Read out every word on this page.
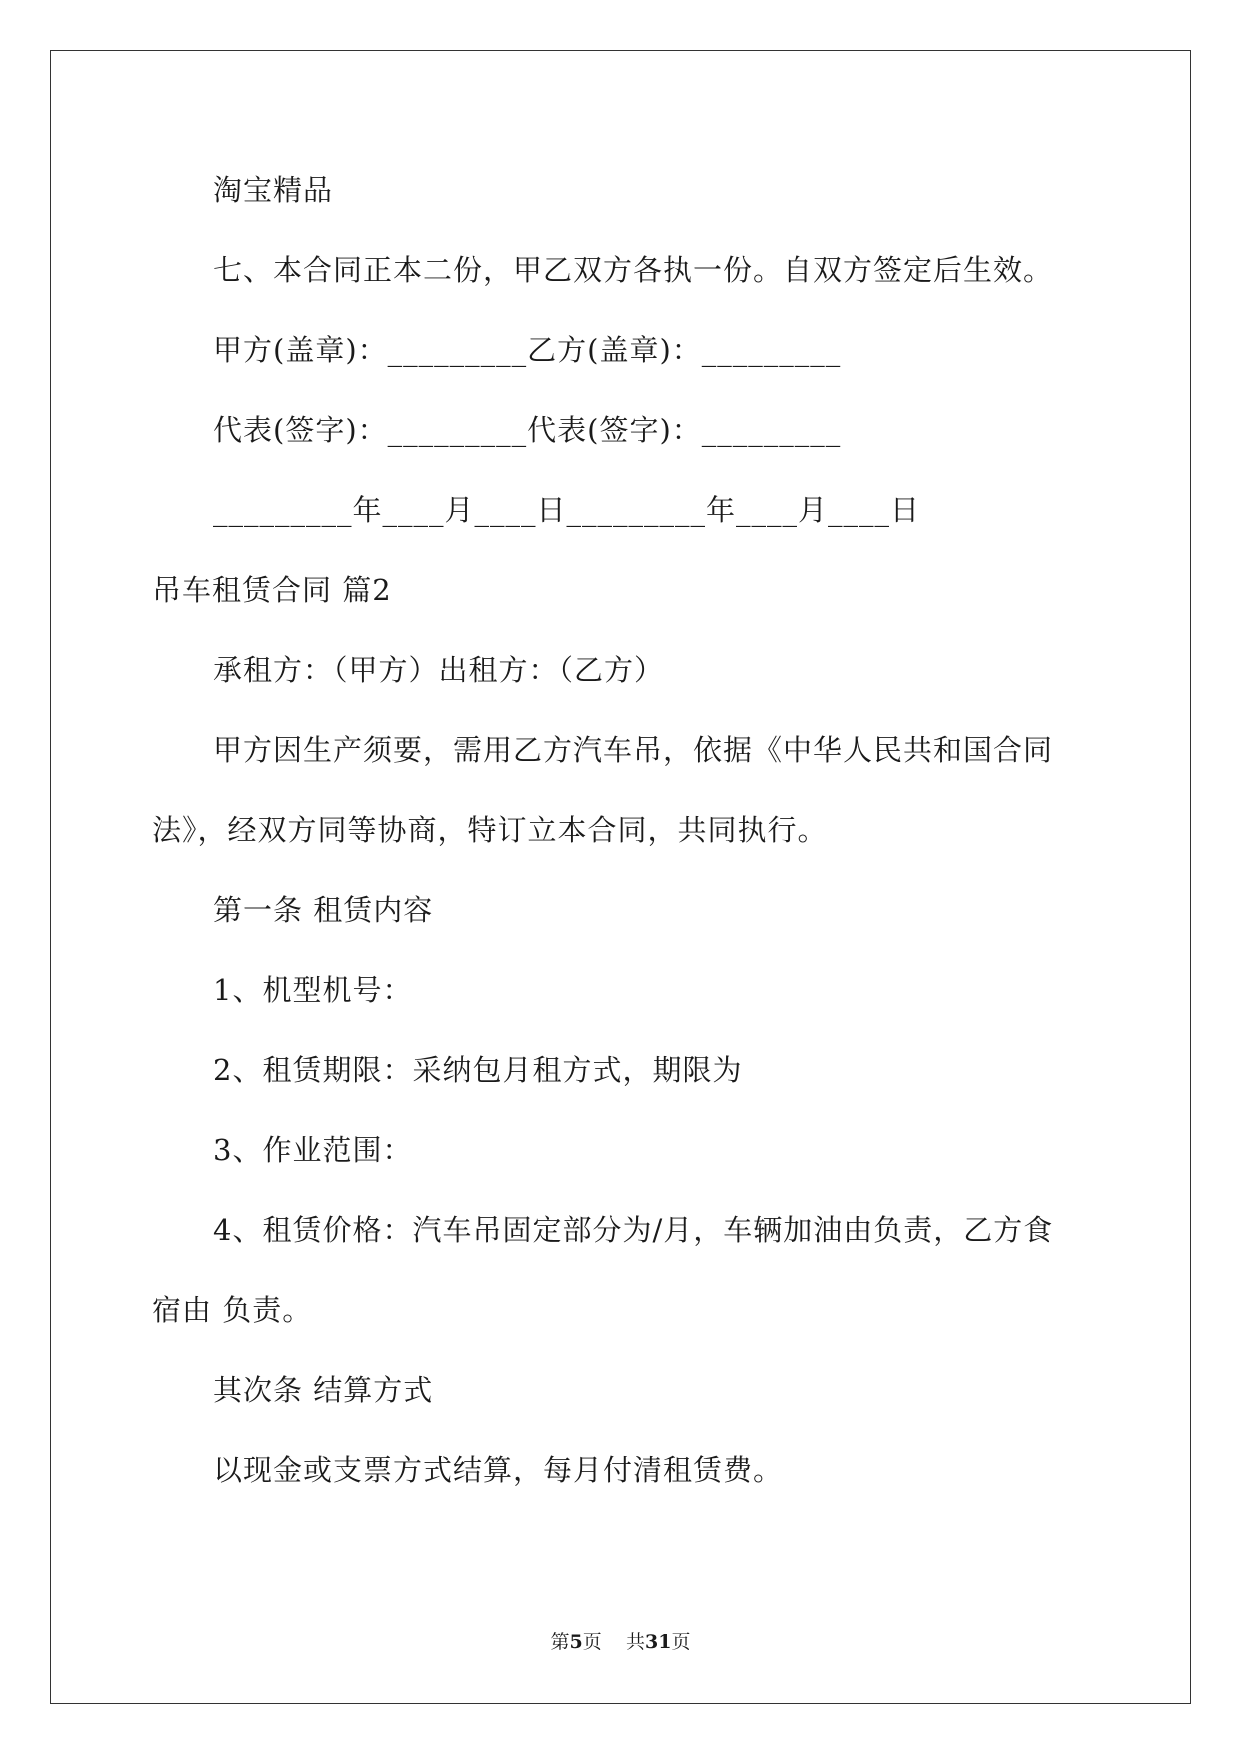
淘宝精品
七、本合同正本二份，甲乙双方各执一份。自双方签定后生效。
甲方(盖章)：_________乙方(盖章)：_________
代表(签字)：_________代表(签字)：_________
_________年____月____日_________年____月____日
吊车租赁合同 篇2
承租方：（甲方）出租方：（乙方）
甲方因生产须要，需用乙方汽车吊，依据《中华人民共和国合同
法》，经双方同等协商，特订立本合同，共同执行。
第一条 租赁内容
1、机型机号：
2、租赁期限：采纳包月租方式，期限为
3、作业范围：
4、租赁价格：汽车吊固定部分为/月，车辆加油由负责，乙方食
宿由 负责。
其次条 结算方式
以现金或支票方式结算，每月付清租赁费。
第5页 共31页
